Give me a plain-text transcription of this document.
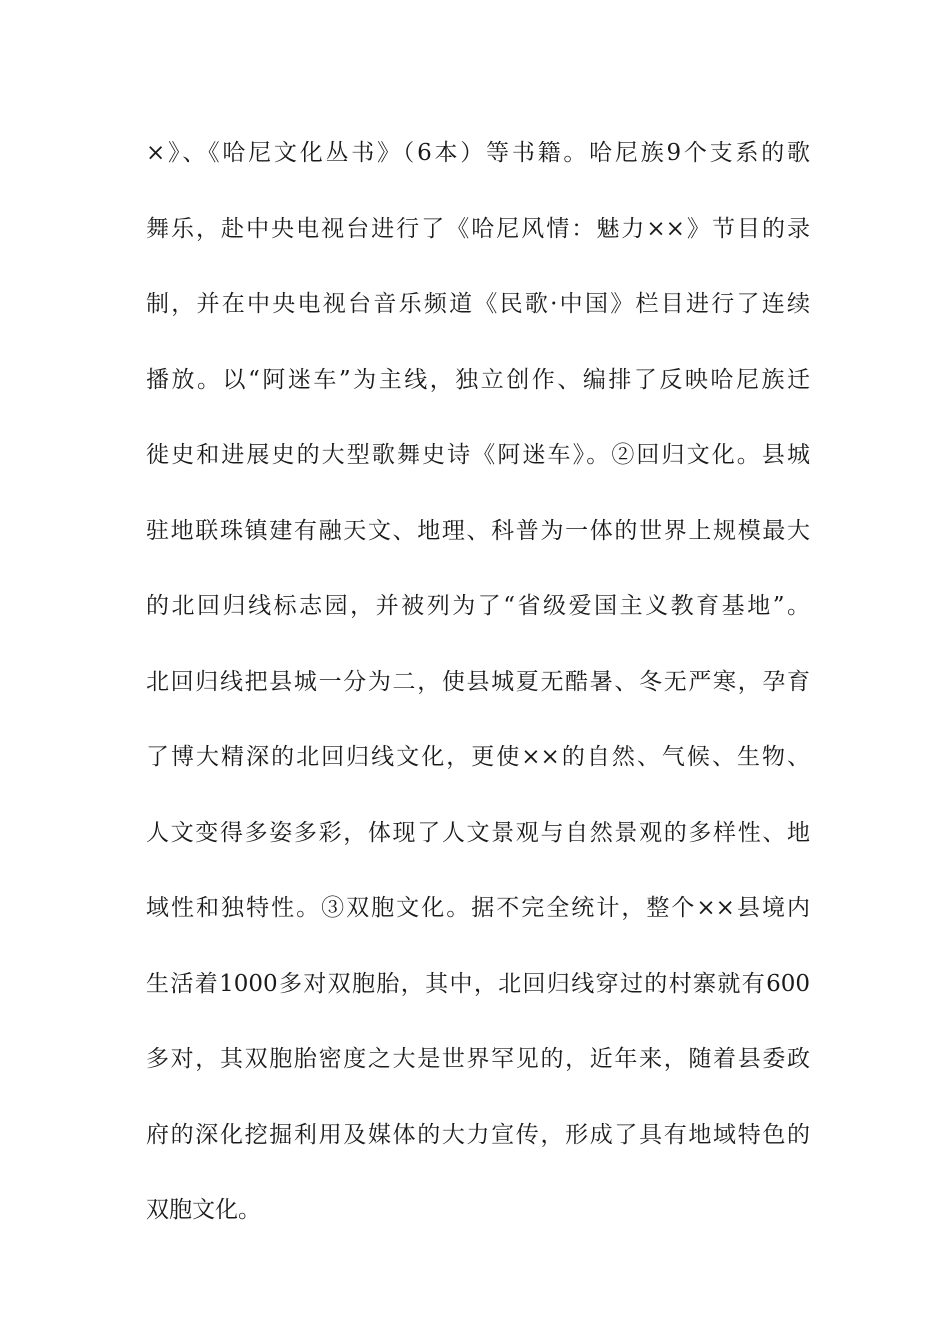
×》、《哈尼文化丛书》（6本）等书籍。哈尼族9个支系的歌
舞乐，赴中央电视台进行了《哈尼风情：魅力××》节目的录
制，并在中央电视台音乐频道《民歌·中国》栏目进行了连续
播放。以“阿迷车”为主线，独立创作、编排了反映哈尼族迁
徙史和进展史的大型歌舞史诗《阿迷车》。②回归文化。县城
驻地联珠镇建有融天文、地理、科普为一体的世界上规模最大
的北回归线标志园，并被列为了“省级爱国主义教育基地”。
北回归线把县城一分为二，使县城夏无酷暑、冬无严寒，孕育
了博大精深的北回归线文化，更使××的自然、气候、生物、
人文变得多姿多彩，体现了人文景观与自然景观的多样性、地
域性和独特性。③双胞文化。据不完全统计，整个××县境内
生活着1000多对双胞胎，其中，北回归线穿过的村寨就有600
多对，其双胞胎密度之大是世界罕见的，近年来，随着县委政
府的深化挖掘利用及媒体的大力宣传，形成了具有地域特色的
双胞文化。
